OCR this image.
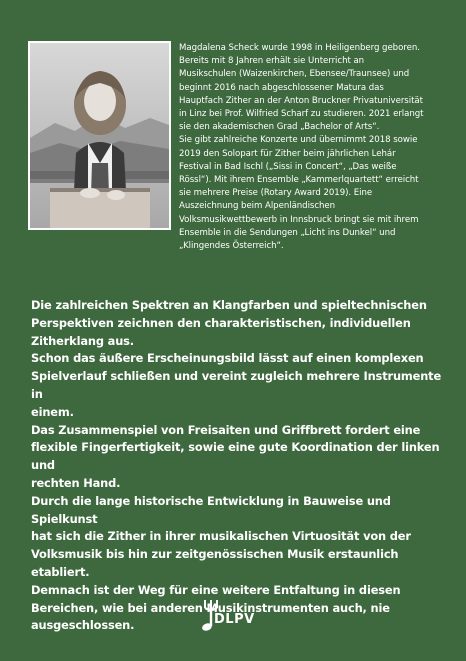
Magdalena Scheck wurde 1998 in Heiligenberg geboren.
Bereits mit 8 Jahren erhält sie Unterricht an
Musikschulen (Waizenkirchen, Ebensee/Traunsee) und
beginnt 2016 nach abgeschlossener Matura das
Hauptfach Zither an der Anton Bruckner Privatuniversität
in Linz bei Prof. Wilfried Scharf zu studieren. 2021 erlangt
sie den akademischen Grad „Bachelor of Arts“.
Sie gibt zahlreiche Konzerte und übernimmt 2018 sowie
2019 den Solopart für Zither beim jährlichen Lehár
Festival in Bad Ischl („Sissi in Concert“, „Das weiße
Rössl“). Mit ihrem Ensemble „Kammerlquartett“ erreicht
sie mehrere Preise (Rotary Award 2019). Eine
Auszeichnung beim Alpenländischen
Volksmusikwettbewerb in Innsbruck bringt sie mit ihrem
Ensemble in die Sendungen „Licht ins Dunkel“ und
„Klingendes Österreich“.

Die zahlreichen Spektren an Klangfarben und spieltechnischen
Perspektiven zeichnen den charakteristischen, individuellen
Zitherklang aus.

Schon das äußere Erscheinungsbild lässt auf einen komplexen
Spielverlauf schließen und vereint zugleich mehrere Instrumente in
einem.

Das Zusammenspiel von Freisaiten und Griffbrett fordert eine
flexible Fingerfertigkeit, sowie eine gute Koordination der linken und
rechten Hand.

Durch die lange historische Entwicklung in Bauweise und Spielkunst
hat sich die Zither in ihrer musikalischen Virtuosität von der
Volksmusik bis hin zur zeitgenössischen Musik erstaunlich etabliert.

Demnach ist der Weg für eine weitere Entfaltung in diesen
Bereichen, wie bei anderen Musikinstrumenten auch, nie
ausgeschlossen.	DLPV
